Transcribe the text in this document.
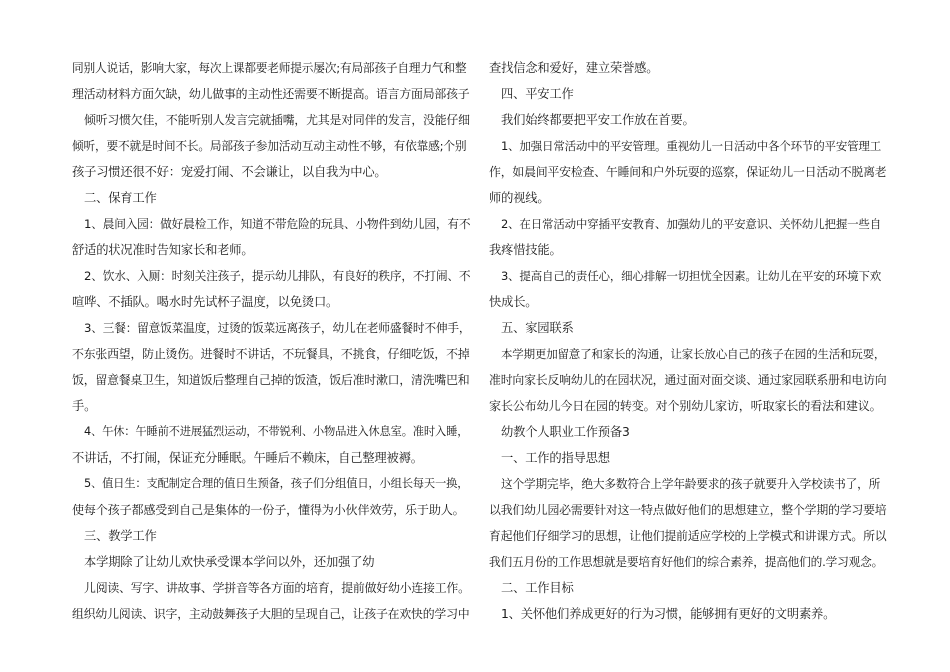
同别人说话，影响大家，每次上课都要老师提示屡次;有局部孩子自理力气和整
理活动材料方面欠缺，幼儿做事的主动性还需要不断提高。语言方面局部孩子
倾听习惯欠佳，不能听别人发言完就插嘴，尤其是对同伴的发言，没能仔细
倾听，要不就是时间不长。局部孩子参加活动互动主动性不够，有依靠感;个别
孩子习惯还很不好：宠爱打闹、不会谦让，以自我为中心。
二、保育工作
1、晨间入园：做好晨检工作，知道不带危险的玩具、小物件到幼儿园，有不
舒适的状况准时告知家长和老师。
2、饮水、入厕：时刻关注孩子，提示幼儿排队，有良好的秩序，不打闹、不
喧哗、不插队。喝水时先试杯子温度，以免烫口。
3、三餐：留意饭菜温度，过烫的饭菜远离孩子，幼儿在老师盛餐时不伸手，
不东张西望，防止烫伤。进餐时不讲话，不玩餐具，不挑食，仔细吃饭，不掉
饭，留意餐桌卫生，知道饭后整理自己掉的饭渣，饭后准时漱口，清洗嘴巴和
手。
4、午休：午睡前不进展猛烈运动，不带锐利、小物品进入休息室。准时入睡，
不讲话，不打闹，保证充分睡眠。午睡后不赖床，自己整理被褥。
5、值日生：支配制定合理的值日生预备，孩子们分组值日，小组长每天一换，
使每个孩子都感受到自己是集体的一份子，懂得为小伙伴效劳，乐于助人。
三、教学工作
本学期除了让幼儿欢快承受课本学问以外，还加强了幼
儿阅读、写字、讲故事、学拼音等各方面的培育，提前做好幼小连接工作。
组织幼儿阅读、识字，主动鼓舞孩子大胆的呈现自己，让孩子在欢快的学习中
查找信念和爱好，建立荣誉感。
四、平安工作
我们始终都要把平安工作放在首要。
1、加强日常活动中的平安管理。重视幼儿一日活动中各个环节的平安管理工
作，如晨间平安检查、午睡间和户外玩耍的巡察，保证幼儿一日活动不脱离老
师的视线。
2、在日常活动中穿插平安教育、加强幼儿的平安意识、关怀幼儿把握一些自
我疼惜技能。
3、提高自己的责任心，细心排解一切担忧全因素。让幼儿在平安的环境下欢
快成长。
五、家园联系
本学期更加留意了和家长的沟通，让家长放心自己的孩子在园的生活和玩耍，
准时向家长反响幼儿的在园状况，通过面对面交谈、通过家园联系册和电访向
家长公布幼儿今日在园的转变。对个别幼儿家访，听取家长的看法和建议。
幼教个人职业工作预备3
一、工作的指导思想
这个学期完毕，绝大多数符合上学年龄要求的孩子就要升入学校读书了，所
以我们幼儿园必需要针对这一特点做好他们的思想建立，整个学期的学习要培
育起他们仔细学习的思想，让他们提前适应学校的上学模式和讲课方式。所以
我们五月份的工作思想就是要培育好他们的综合素养，提高他们的.学习观念。
二、工作目标
1、关怀他们养成更好的行为习惯，能够拥有更好的文明素养。
